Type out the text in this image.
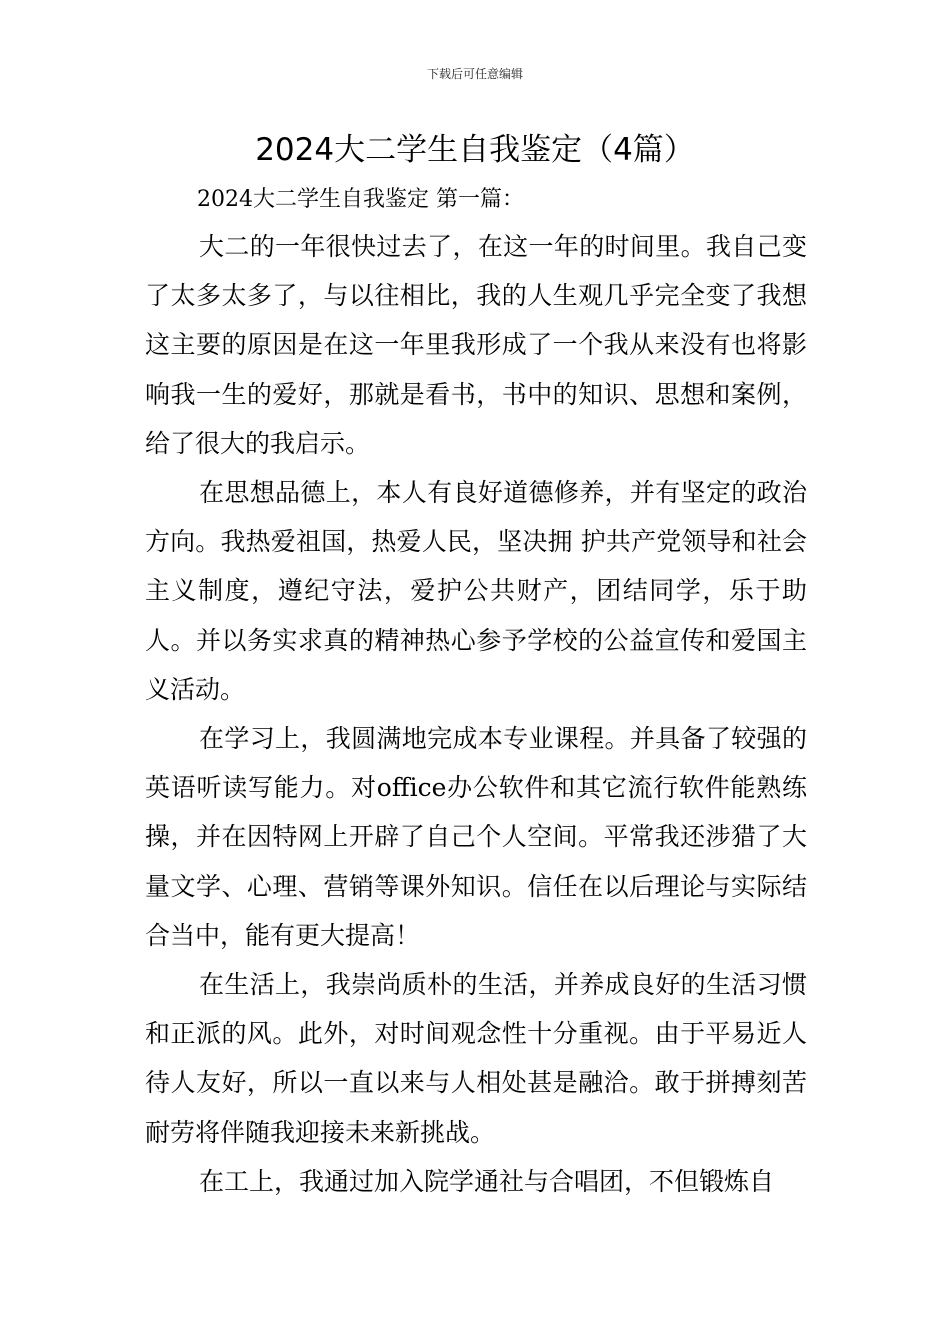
下载后可任意编辑
2024大二学生自我鉴定（4篇）

2024大二学生自我鉴定 第一篇：

大二的一年很快过去了，在这一年的时间里。我自己变了太多太多了，与以往相比，我的人生观几乎完全变了我想这主要的原因是在这一年里我形成了一个我从来没有也将影响我一生的爱好，那就是看书，书中的知识、思想和案例，给了很大的我启示。

在思想品德上，本人有良好道德修养，并有坚定的政治方向。我热爱祖国，热爱人民，坚决拥 护共产党领导和社会主义制度，遵纪守法，爱护公共财产，团结同学，乐于助人。并以务实求真的精神热心参予学校的公益宣传和爱国主义活动。

在学习上，我圆满地完成本专业课程。并具备了较强的英语听读写能力。对office办公软件和其它流行软件能熟练操，并在因特网上开辟了自己个人空间。平常我还涉猎了大量文学、心理、营销等课外知识。信任在以后理论与实际结合当中，能有更大提高！

在生活上，我崇尚质朴的生活，并养成良好的生活习惯和正派的风。此外，对时间观念性十分重视。由于平易近人待人友好，所以一直以来与人相处甚是融洽。敢于拼搏刻苦耐劳将伴随我迎接未来新挑战。

在工上，我通过加入院学通社与合唱团，不但锻炼自
